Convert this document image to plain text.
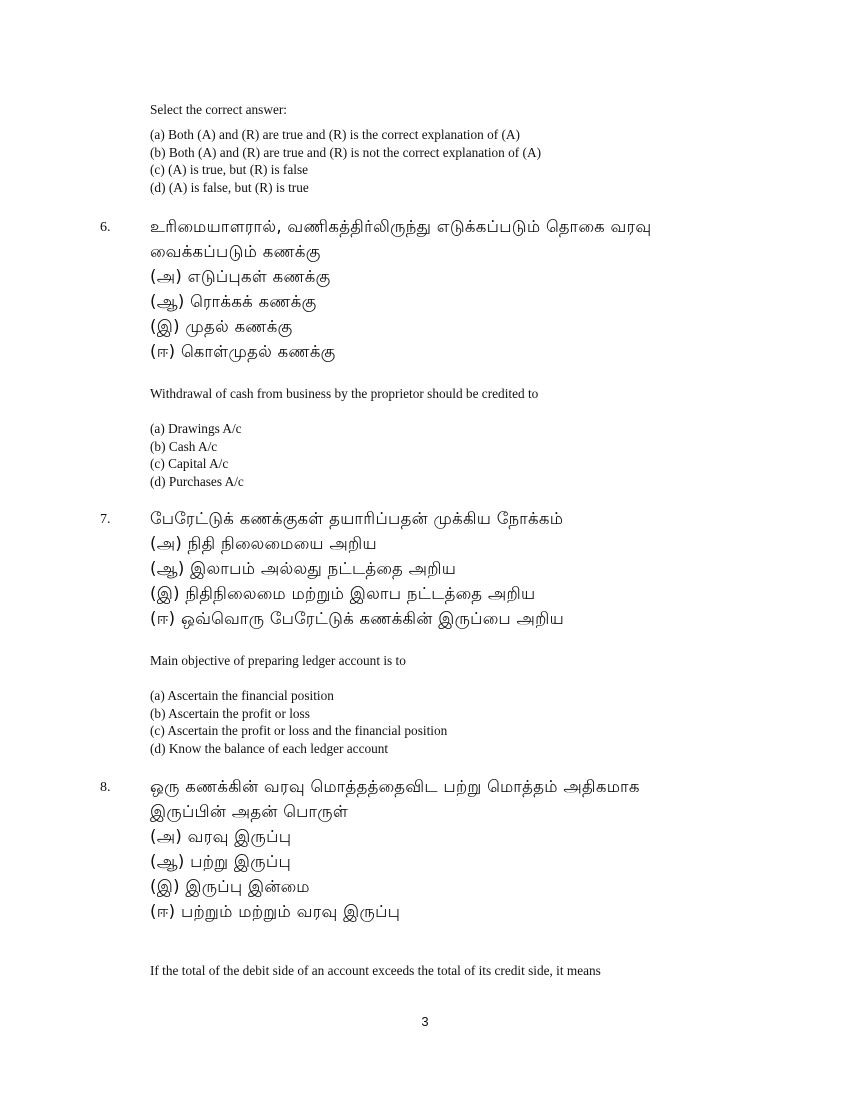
Select the correct answer:
(a) Both (A) and (R) are true and (R) is the correct explanation of (A)
(b) Both (A) and (R) are true and (R) is not the correct explanation of (A)
(c) (A) is true, but (R) is false
(d) (A) is false, but (R) is true
6. உரிமையாளரால், வணிகத்திர்லிருந்து எடுக்கப்படும் தொகை வரவு
வைக்கப்படும் கணக்கு
(அ) எடுப்புகள் கணக்கு
(ஆ) ரொக்கக் கணக்கு
(இ) முதல் கணக்கு
(ஈ) கொள்முதல் கணக்கு
Withdrawal of cash from business by the proprietor should be credited to
(a) Drawings A/c
(b) Cash A/c
(c) Capital A/c
(d) Purchases A/c
7. பேரேட்டுக் கணக்குகள் தயாரிப்பதன் முக்கிய நோக்கம்
(அ) நிதி நிலைமையை அறிய
(ஆ) இலாபம் அல்லது நட்டத்தை அறிய
(இ) நிதிநிலைமை மற்றும் இலாப நட்டத்தை அறிய
(ஈ) ஒவ்வொரு பேரேட்டுக் கணக்கின் இருப்பை அறிய
Main objective of preparing ledger account is to
(a) Ascertain the financial position
(b) Ascertain the profit or loss
(c) Ascertain the profit or loss and the financial position
(d) Know the balance of each ledger account
8. ஒரு கணக்கின் வரவு மொத்தத்தைவிட பற்று மொத்தம் அதிகமாக
இருப்பின் அதன் பொருள்
(அ) வரவு இருப்பு
(ஆ) பற்று இருப்பு
(இ) இருப்பு இன்மை
(ஈ) பற்றும் மற்றும் வரவு இருப்பு
If the total of the debit side of an account exceeds the total of its credit side, it means
3
